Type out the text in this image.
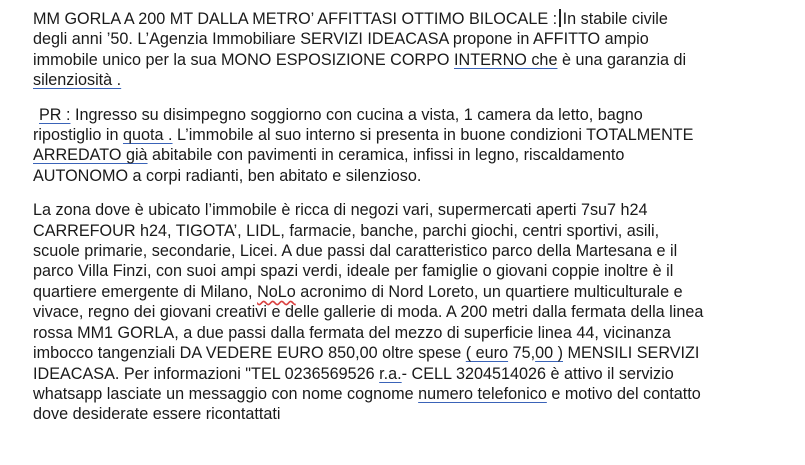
MM GORLA A 200 MT DALLA METRO’ AFFITTASI OTTIMO BILOCALE : In stabile civile
degli anni ’50. L’Agenzia Immobiliare SERVIZI IDEACASA propone in AFFITTO ampio
immobile unico per la sua MONO ESPOSIZIONE CORPO INTERNO che è una garanzia di
silenziosità .

PR : Ingresso su disimpegno soggiorno con cucina a vista, 1 camera da letto, bagno
ripostiglio in quota . L’immobile al suo interno si presenta in buone condizioni TOTALMENTE
ARREDATO già abitabile con pavimenti in ceramica, infissi in legno, riscaldamento
AUTONOMO a corpi radianti, ben abitato e silenzioso.

La zona dove è ubicato l’immobile è ricca di negozi vari, supermercati aperti 7su7 h24
CARREFOUR h24, TIGOTA’, LIDL, farmacie, banche, parchi giochi, centri sportivi, asili,
scuole primarie, secondarie, Licei. A due passi dal caratteristico parco della Martesana e il
parco Villa Finzi, con suoi ampi spazi verdi, ideale per famiglie o giovani coppie inoltre è il
quartiere emergente di Milano, NoLo acronimo di Nord Loreto, un quartiere multiculturale e
vivace, regno dei giovani creativi e delle gallerie di moda. A 200 metri dalla fermata della linea
rossa MM1 GORLA, a due passi dalla fermata del mezzo di superficie linea 44, vicinanza
imbocco tangenziali DA VEDERE EURO 850,00 oltre spese ( euro 75,00 ) MENSILI SERVIZI
IDEACASA. Per informazioni "TEL 0236569526 r.a.- CELL 3204514026 è attivo il servizio
whatsapp lasciate un messaggio con nome cognome numero telefonico e motivo del contatto
dove desiderate essere ricontattati
